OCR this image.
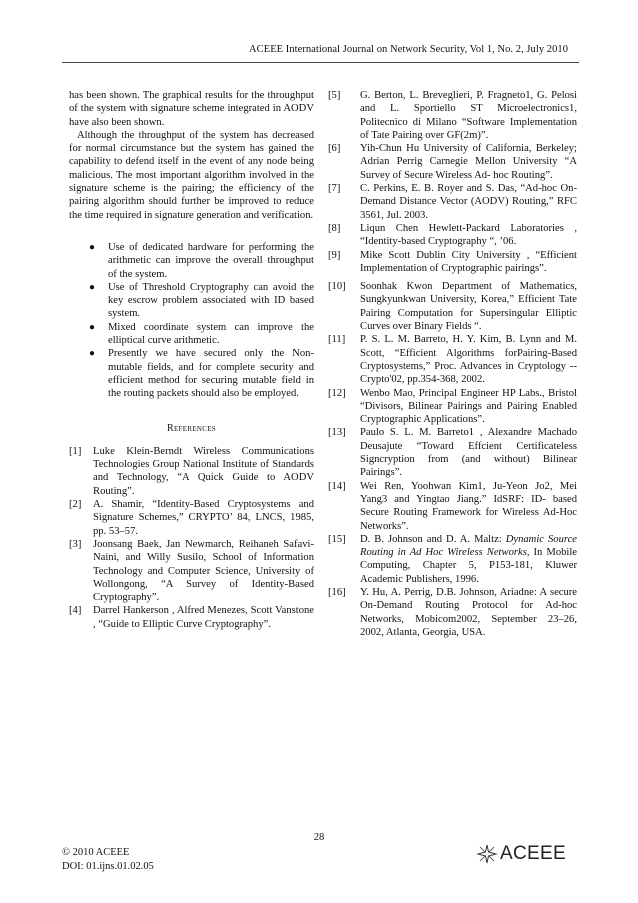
ACEEE International Journal on Network Security, Vol 1, No. 2, July 2010

has been shown. The graphical results for the throughput of the system with signature scheme integrated in AODV have also been shown.

Although the throughput of the system has decreased for normal circumstance but the system has gained the capability to defend itself in the event of any node being malicious. The most important algorithm involved in the signature scheme is the pairing; the efficiency of the pairing algorithm should further be improved to reduce the time required in signature generation and verification.

● Use of dedicated hardware for performing the arithmetic can improve the overall throughput of the system.
● Use of Threshold Cryptography can avoid the key escrow problem associated with ID based system.
● Mixed coordinate system can improve the elliptical curve arithmetic.
● Presently we have secured only the Non-mutable fields, and for complete security and efficient method for securing mutable field in the routing packets should also be employed.
References

[1] Luke Klein-Berndt Wireless Communications Technologies Group National Institute of Standards and Technology, “A Quick Guide to AODV Routing”.

[2] A. Shamir, “Identity-Based Cryptosystems and Signature Schemes,” CRYPTO’ 84, LNCS, 1985, pp. 53–57.

[3] Joonsang Baek, Jan Newmarch, Reihaneh Safavi-Naini, and Willy Susilo, School of Information Technology and Computer Science, University of Wollongong, “A Survey of Identity-Based Cryptography”.

[4] Darrel Hankerson , Alfred Menezes, Scott Vanstone , “Guide to Elliptic Curve Cryptography”.

[5] G. Berton, L. Breveglieri, P. Fragneto1, G. Pelosi and L. Sportiello ST Microelectronics1, Politecnico di Milano “Software Implementation of Tate Pairing over GF(2m)”.

[6] Yih-Chun Hu University of California, Berkeley; Adrian Perrig Carnegie Mellon University “A Survey of Secure Wireless Ad- hoc Routing”.

[7] C. Perkins, E. B. Royer and S. Das, “Ad-hoc On-Demand Distance Vector (AODV) Routing,” RFC 3561, Jul. 2003.

[8] Liqun Chen Hewlett-Packard Laboratories , “Identity-based Cryptography “, ’06.

[9] Mike Scott Dublin City University , “Efficient Implementation of Cryptographic pairings”.

[10] Soonhak Kwon Department of Mathematics, Sungkyunkwan University, Korea,” Efficient Tate Pairing Computation for Supersingular Elliptic Curves over Binary Fields “.

[11] P. S. L. M. Barreto, H. Y. Kim, B. Lynn and M. Scott, “Efficient Algorithms forPairing-Based Cryptosystems,” Proc. Advances in Cryptology -- Crypto'02, pp.354-368, 2002.

[12] Wenbo Mao, Principal Engineer HP Labs., Bristol “Divisors, Bilinear Pairings and Pairing Enabled Cryptographic Applications”.

[13] Paulo S. L. M. Barreto1 , Alexandre Machado Deusajute “Toward Effcient Certificateless Signcryption from (and without) Bilinear Pairings”.

[14] Wei Ren, Yoohwan Kim1, Ju-Yeon Jo2, Mei Yang3 and Yingtao Jiang.” IdSRF: ID- based Secure Routing Framework for Wireless Ad-Hoc Networks”.

[15] D. B. Johnson and D. A. Maltz: Dynamic Source Routing in Ad Hoc Wireless Networks, In Mobile Computing, Chapter 5, P153-181, Kluwer Academic Publishers, 1996.

[16] Y. Hu, A. Perrig, D.B. Johnson, Ariadne: A secure On-Demand Routing Protocol for Ad-hoc Networks, Mobicom2002, September 23–26, 2002, Atlanta, Georgia, USA.

28
© 2010 ACEEE
DOI: 01.ijns.01.02.05
ACEEE
